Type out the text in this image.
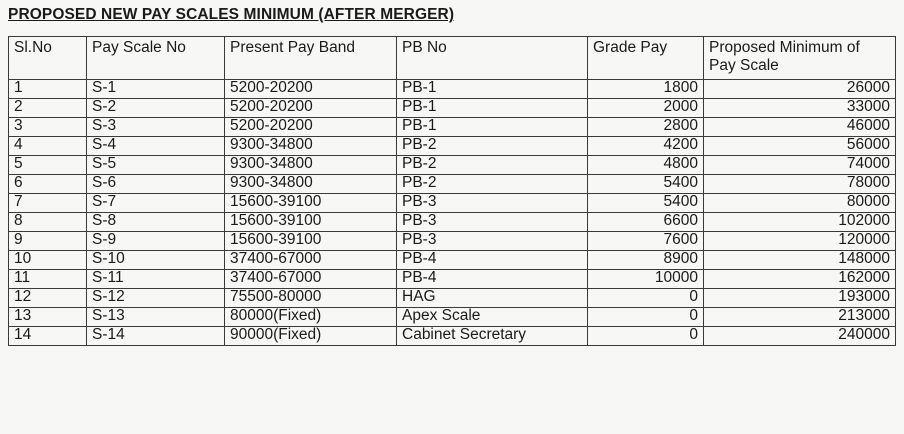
PROPOSED NEW PAY SCALES MINIMUM (AFTER MERGER)
Sl.No	Pay Scale No	Present Pay Band	PB No	Grade Pay	Proposed Minimum of Pay Scale
1	S-1	5200-20200	PB-1	1800	26000
2	S-2	5200-20200	PB-1	2000	33000
3	S-3	5200-20200	PB-1	2800	46000
4	S-4	9300-34800	PB-2	4200	56000
5	S-5	9300-34800	PB-2	4800	74000
6	S-6	9300-34800	PB-2	5400	78000
7	S-7	15600-39100	PB-3	5400	80000
8	S-8	15600-39100	PB-3	6600	102000
9	S-9	15600-39100	PB-3	7600	120000
10	S-10	37400-67000	PB-4	8900	148000
11	S-11	37400-67000	PB-4	10000	162000
12	S-12	75500-80000	HAG	0	193000
13	S-13	80000(Fixed)	Apex Scale	0	213000
14	S-14	90000(Fixed)	Cabinet Secretary	0	240000
